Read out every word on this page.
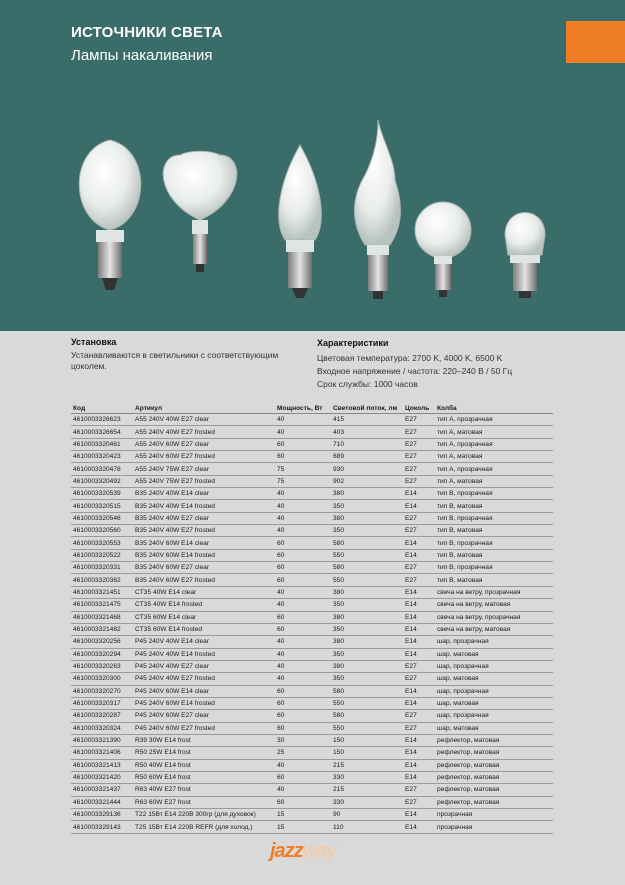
ИСТОЧНИКИ СВЕТА
Лампы накаливания
Установка
Устанавливаются в светильники с соответствующим цоколем.
Характеристики
Цветовая температура: 2700 K, 4000 K, 6500 K
Входное напряжение / частота: 220–240 В / 50 Гц
Срок службы: 1000 часов
Код	Артикул	Мощность, Вт	Световой поток, лм	Цоколь	Колба
4610003326623	A55 240V 40W E27 clear	40	415	E27	тип A, прозрачная
4610003326654	A55 240V 40W E27 frosted	40	403	E27	тип A, матовая
4610003320461	A55 240V 60W E27 clear	60	710	E27	тип A, прозрачная
4610003320423	A55 240V 60W E27 frosted	60	689	E27	тип A, матовая
4610003320478	A55 240V 75W E27 clear	75	930	E27	тип A, прозрачная
4610003320492	A55 240V 75W E27 frosted	75	902	E27	тип A, матовая
4610003320539	B35 240V 40W E14 clear	40	380	E14	тип B, прозрачная
4610003320515	B35 240V 40W E14 frosted	40	350	E14	тип B, матовая
4610003320546	B35 240V 40W E27 clear	40	380	E27	тип B, прозрачная
4610003320560	B35 240V 40W E27 frosted	40	350	E27	тип B, матовая
4610003320553	B35 240V 60W E14 clear	60	580	E14	тип B, прозрачная
4610003320522	B35 240V 60W E14 frosted	60	550	E14	тип B, матовая
4610003320331	B35 240V 60W E27 clear	60	580	E27	тип B, прозрачная
4610003320362	B35 240V 60W E27 frosted	60	550	E27	тип B, матовая
4610003321451	CT35 40W E14 clear	40	380	E14	свеча на ветру, прозрачная
4610003321475	CT35 40W E14 frosted	40	350	E14	свеча на ветру, матовая
4610003321468	CT35 60W E14 clear	60	380	E14	свеча на ветру, прозрачная
4610003321482	CT35 60W E14 frosted	60	350	E14	свеча на ветру, матовая
4610003320256	P45 240V 40W E14 clear	40	380	E14	шар, прозрачная
4610003320294	P45 240V 40W E14 frosted	40	350	E14	шар, матовая
4610003320263	P45 240V 40W E27 clear	40	380	E27	шар, прозрачная
4610003320300	P45 240V 40W E27 frosted	40	350	E27	шар, матовая
4610003320270	P45 240V 60W E14 clear	60	580	E14	шар, прозрачная
4610003320317	P45 240V 60W E14 frosted	60	550	E14	шар, матовая
4610003320287	P45 240V 60W E27 clear	60	580	E27	шар, прозрачная
4610003320324	P45 240V 60W E27 frosted	60	550	E27	шар, матовая
4610003321390	R39 30W E14 frost	30	150	E14	рефлектор, матовая
4610003321406	R50 25W E14 frost	25	150	E14	рефлектор, матовая
4610003321413	R50 40W E14 frost	40	215	E14	рефлектор, матовая
4610003321420	R50 60W E14 frost	60	330	E14	рефлектор, матовая
4610003321437	R63 40W E27 frost	40	215	E27	рефлектор, матовая
4610003321444	R63 60W E27 frost	60	330	E27	рефлектор, матовая
4610003329136	T22 15Вт E14 220В 300гр (для духовок)	15	90	E14	прозрачная
4610003329143	T25 15Вт E14 220В REFR (для холод.)	15	110	E14	прозрачная
jazzway
